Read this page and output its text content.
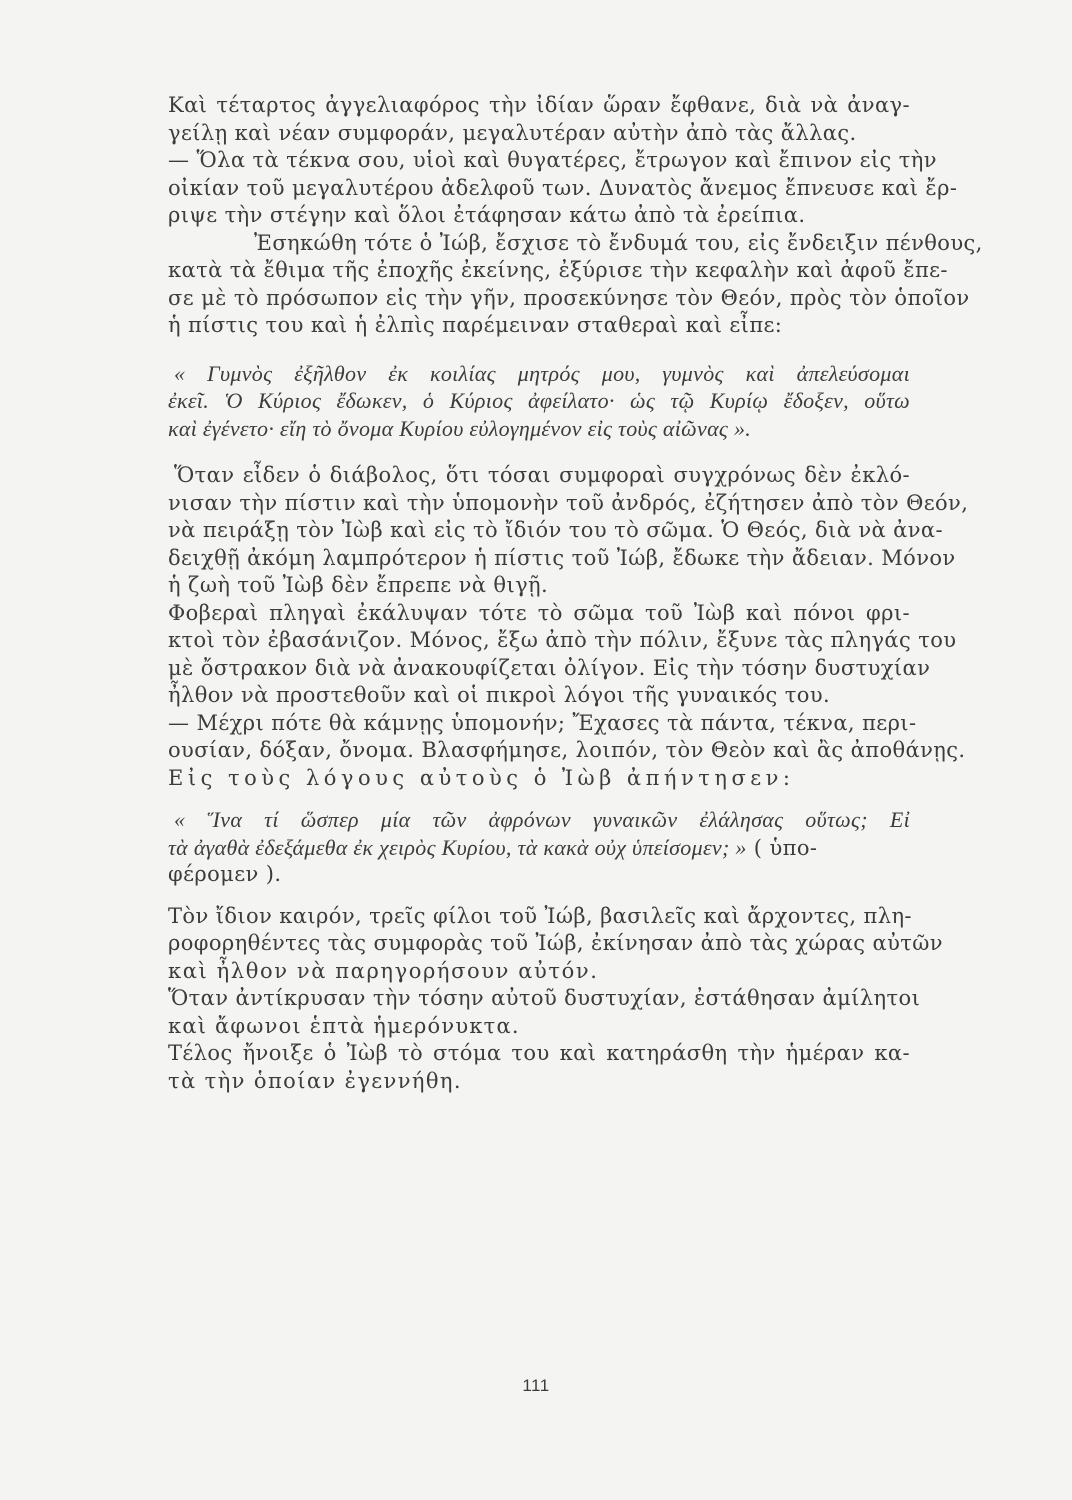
Καὶ τέταρτος ἀγγελιαφόρος τὴν ἰδίαν ὥραν ἔφθανε, διὰ νὰ ἀναγ-
γείλῃ καὶ νέαν συμφοράν, μεγαλυτέραν αὐτὴν ἀπὸ τὰς ἄλλας.
— Ὅλα τὰ τέκνα σου, υἱοὶ καὶ θυγατέρες, ἔτρωγον καὶ ἔπινον εἰς τὴν
οἰκίαν τοῦ μεγαλυτέρου ἀδελφοῦ των. Δυνατὸς ἄνεμος ἔπνευσε καὶ ἔρ-
ριψε τὴν στέγην καὶ ὅλοι ἐτάφησαν κάτω ἀπὸ τὰ ἐρείπια.
Ἐσηκώθη τότε ὁ Ἰώβ, ἔσχισε τὸ ἔνδυμά του, εἰς ἔνδειξιν πένθους,
κατὰ τὰ ἔθιμα τῆς ἐποχῆς ἐκείνης, ἐξύρισε τὴν κεφαλὴν καὶ ἀφοῦ ἔπε-
σε μὲ τὸ πρόσωπον εἰς τὴν γῆν, προσεκύνησε τὸν Θεόν, πρὸς τὸν ὁποῖον
ἡ πίστις του καὶ ἡ ἐλπὶς παρέμειναν σταθεραὶ καὶ εἶπε:
« Γυμνὸς ἐξῆλθον ἐκ κοιλίας μητρός μου, γυμνὸς καὶ ἀπελεύσομαι
ἐκεῖ. Ὁ Κύριος ἔδωκεν, ὁ Κύριος ἀφείλατο· ὡς τῷ Κυρίῳ ἔδοξεν, οὕτω
καὶ ἐγένετο· εἴη τὸ ὄνομα Κυρίου εὐλογημένον εἰς τοὺς αἰῶνας ».
Ὅταν εἶδεν ὁ διάβολος, ὅτι τόσαι συμφοραὶ συγχρόνως δὲν ἐκλό-
νισαν τὴν πίστιν καὶ τὴν ὑπομονὴν τοῦ ἀνδρός, ἐζήτησεν ἀπὸ τὸν Θεόν,
νὰ πειράξῃ τὸν Ἰὼβ καὶ εἰς τὸ ἴδιόν του τὸ σῶμα. Ὁ Θεός, διὰ νὰ ἀνα-
δειχθῇ ἀκόμη λαμπρότερον ἡ πίστις τοῦ Ἰώβ, ἔδωκε τὴν ἄδειαν. Μόνον
ἡ ζωὴ τοῦ Ἰὼβ δὲν ἔπρεπε νὰ θιγῇ.
Φοβεραὶ πληγαὶ ἐκάλυψαν τότε τὸ σῶμα τοῦ Ἰὼβ καὶ πόνοι φρι-
κτοὶ τὸν ἐβασάνιζον. Μόνος, ἔξω ἀπὸ τὴν πόλιν, ἔξυνε τὰς πληγάς του
μὲ ὄστρακον διὰ νὰ ἀνακουφίζεται ὀλίγον. Εἰς τὴν τόσην δυστυχίαν
ἦλθον νὰ προστεθοῦν καὶ οἱ πικροὶ λόγοι τῆς γυναικός του.
— Μέχρι πότε θὰ κάμνῃς ὑπομονήν; Ἔχασες τὰ πάντα, τέκνα, περι-
ουσίαν, δόξαν, ὄνομα. Βλασφήμησε, λοιπόν, τὸν Θεὸν καὶ ἂς ἀποθάνῃς.
Εἰς τοὺς λόγους αὐτοὺς ὁ Ἰὼβ ἀπήντησεν:
« Ἵνα τί ὥσπερ μία τῶν ἀφρόνων γυναικῶν ἐλάλησας οὕτως; Εἰ
τὰ ἀγαθὰ ἐδεξάμεθα ἐκ χειρὸς Κυρίου, τὰ κακὰ οὐχ ὑπείσομεν; » ( ὑπο-
φέρομεν ).
Τὸν ἴδιον καιρόν, τρεῖς φίλοι τοῦ Ἰώβ, βασιλεῖς καὶ ἄρχοντες, πλη-
ροφορηθέντες τὰς συμφορὰς τοῦ Ἰώβ, ἐκίνησαν ἀπὸ τὰς χώρας αὐτῶν
καὶ ἦλθον νὰ παρηγορήσουν αὐτόν.
Ὅταν ἀντίκρυσαν τὴν τόσην αὐτοῦ δυστυχίαν, ἐστάθησαν ἀμίλητοι
καὶ ἄφωνοι ἑπτὰ ἡμερόνυκτα.
Τέλος ἤνοιξε ὁ Ἰὼβ τὸ στόμα του καὶ κατηράσθη τὴν ἡμέραν κα-
τὰ τὴν ὁποίαν ἐγεννήθη.
111
